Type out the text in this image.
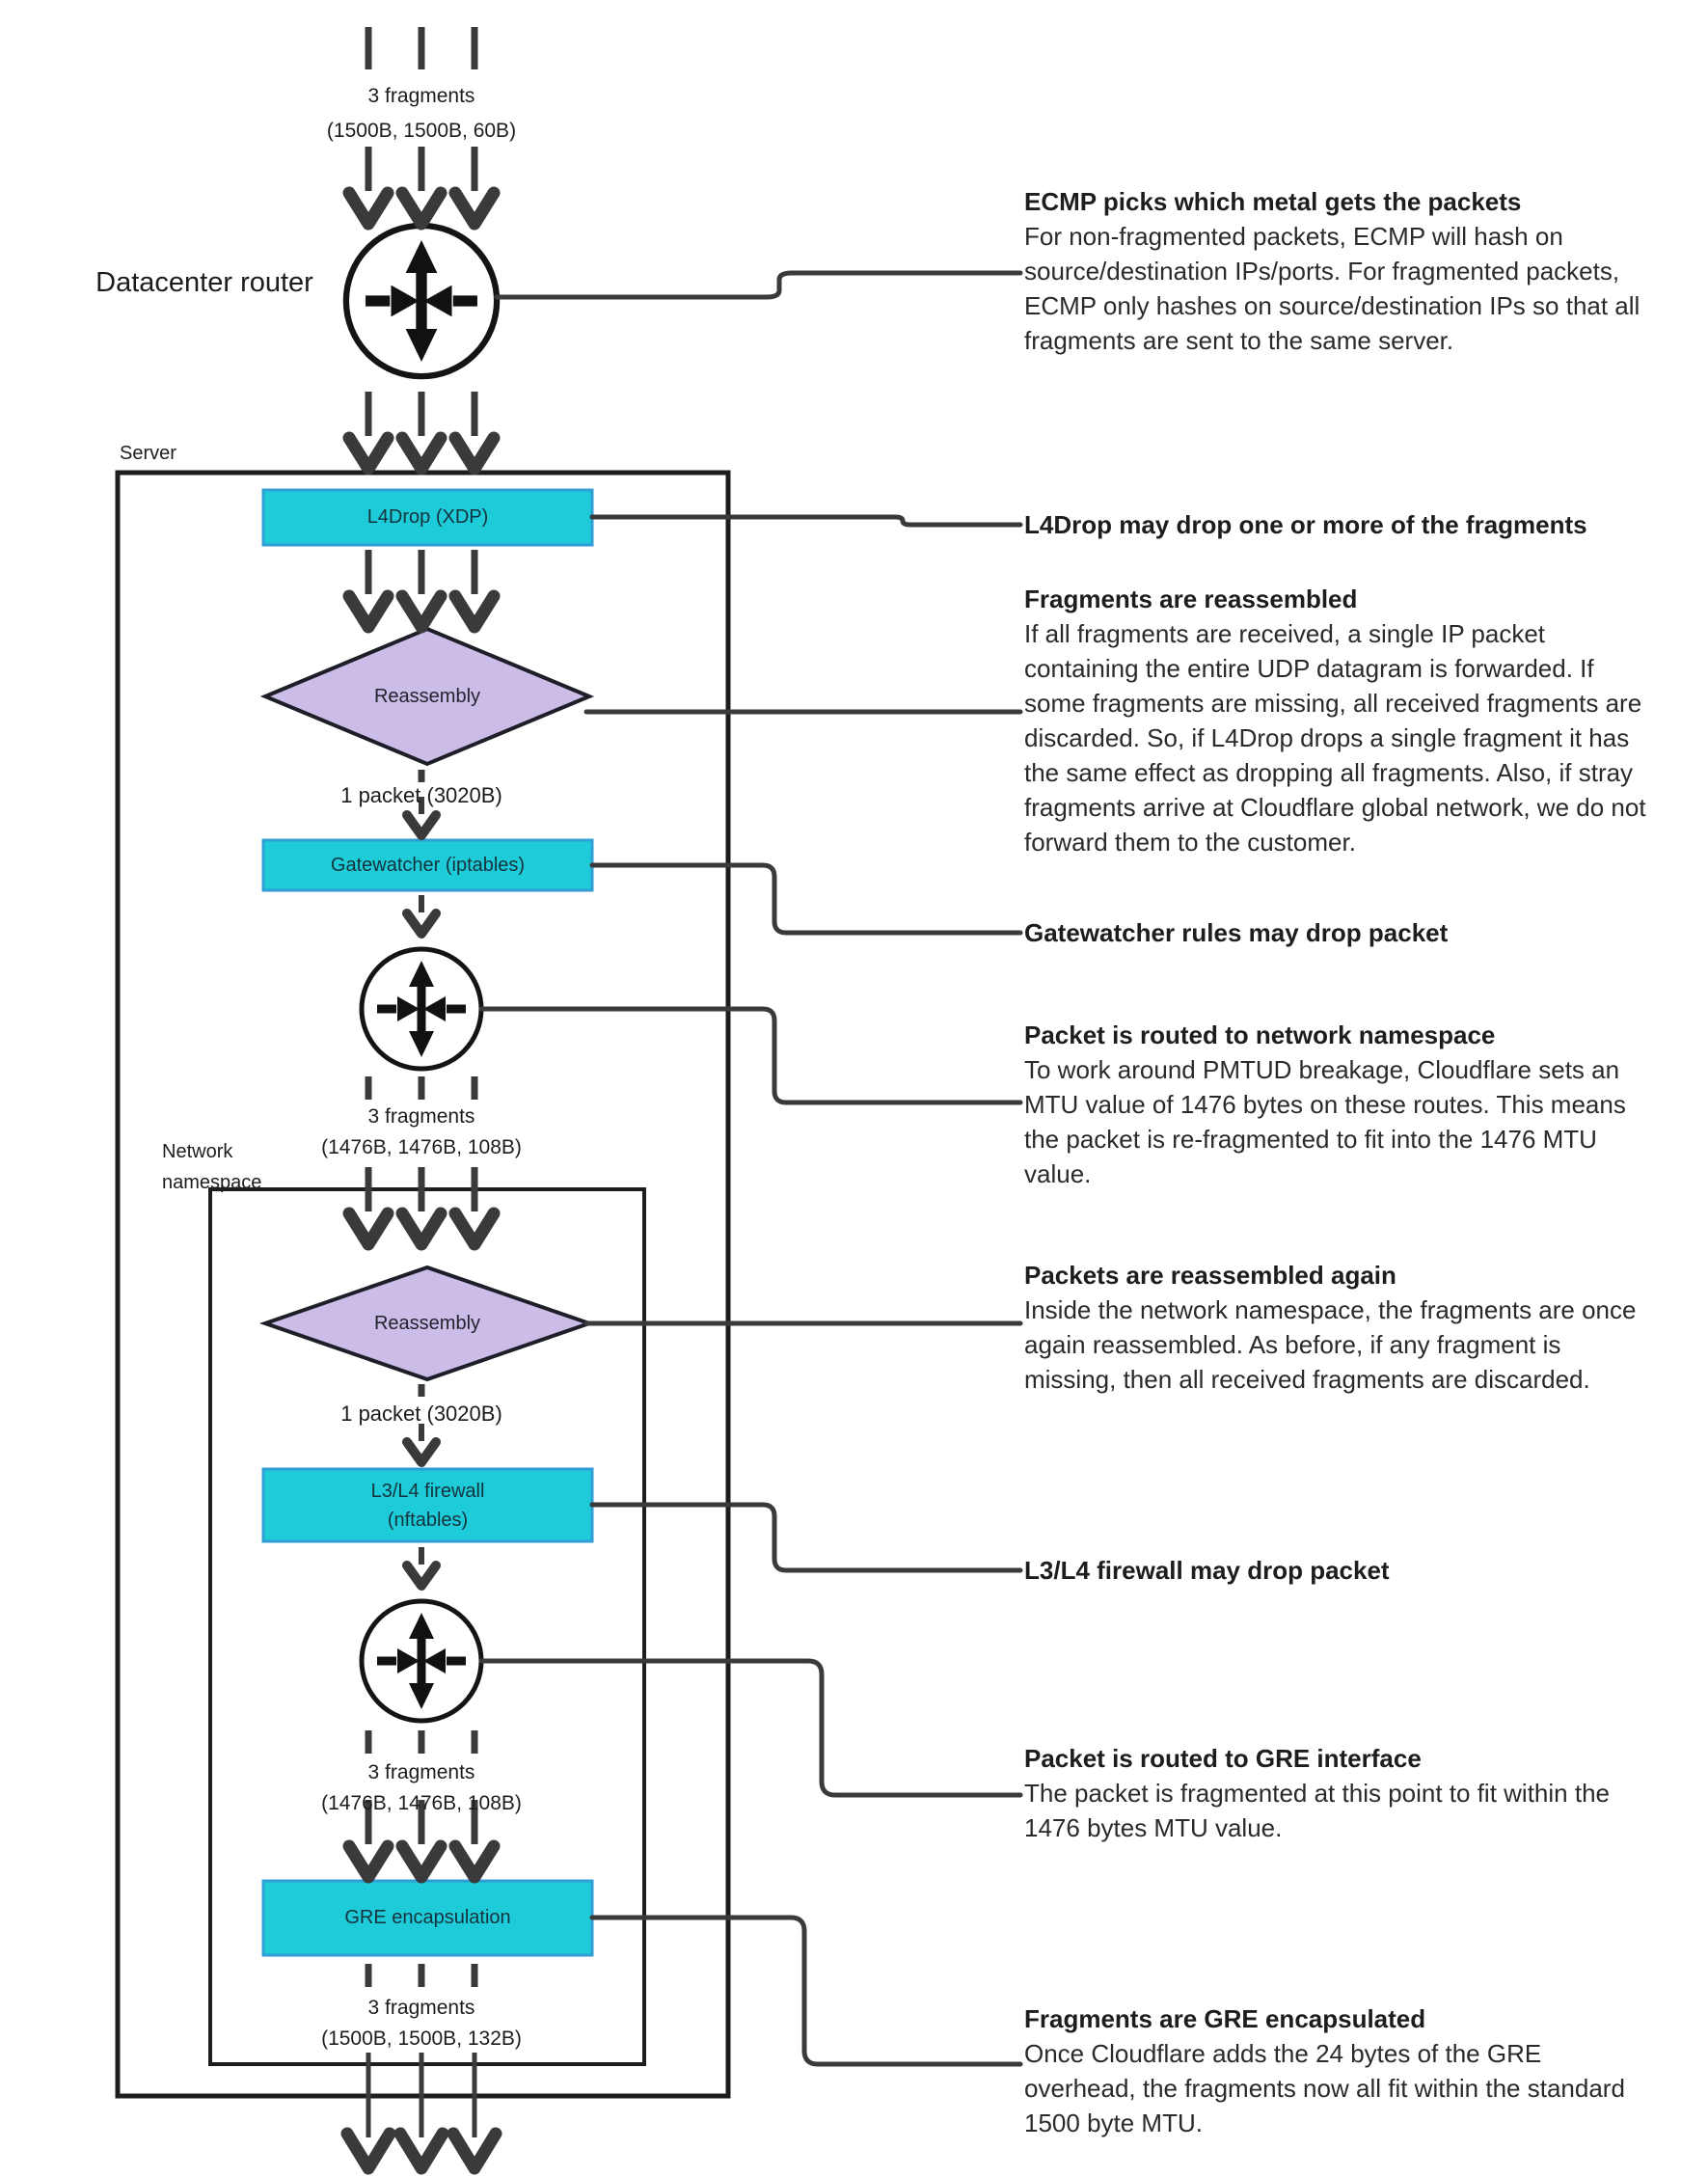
3 fragments
(1500B, 1500B, 60B)
Datacenter router
Server
L4Drop (XDP)
Reassembly
1 packet (3020B)
Gatewatcher (iptables)
3 fragments
(1476B, 1476B, 108B)
Network
namespace
Reassembly
1 packet (3020B)
L3/L4 firewall
(nftables)
3 fragments
(1476B, 1476B, 108B)
GRE encapsulation
3 fragments
(1500B, 1500B, 132B)
ECMP picks which metal gets the packets
For non-fragmented packets, ECMP will hash on source/destination IPs/ports. For fragmented packets, ECMP only hashes on source/destination IPs so that all fragments are sent to the same server.
L4Drop may drop one or more of the fragments
Fragments are reassembled
If all fragments are received, a single IP packet containing the entire UDP datagram is forwarded. If some fragments are missing, all received fragments are discarded. So, if L4Drop drops a single fragment it has the same effect as dropping all fragments. Also, if stray fragments arrive at Cloudflare global network, we do not forward them to the customer.
Gatewatcher rules may drop packet
Packet is routed to network namespace
To work around PMTUD breakage, Cloudflare sets an MTU value of 1476 bytes on these routes. This means the packet is re-fragmented to fit into the 1476 MTU value.
Packets are reassembled again
Inside the network namespace, the fragments are once again reassembled. As before, if any fragment is missing, then all received fragments are discarded.
L3/L4 firewall may drop packet
Packet is routed to GRE interface
The packet is fragmented at this point to fit within the 1476 bytes MTU value.
Fragments are GRE encapsulated
Once Cloudflare adds the 24 bytes of the GRE overhead, the fragments now all fit within the standard 1500 byte MTU.
